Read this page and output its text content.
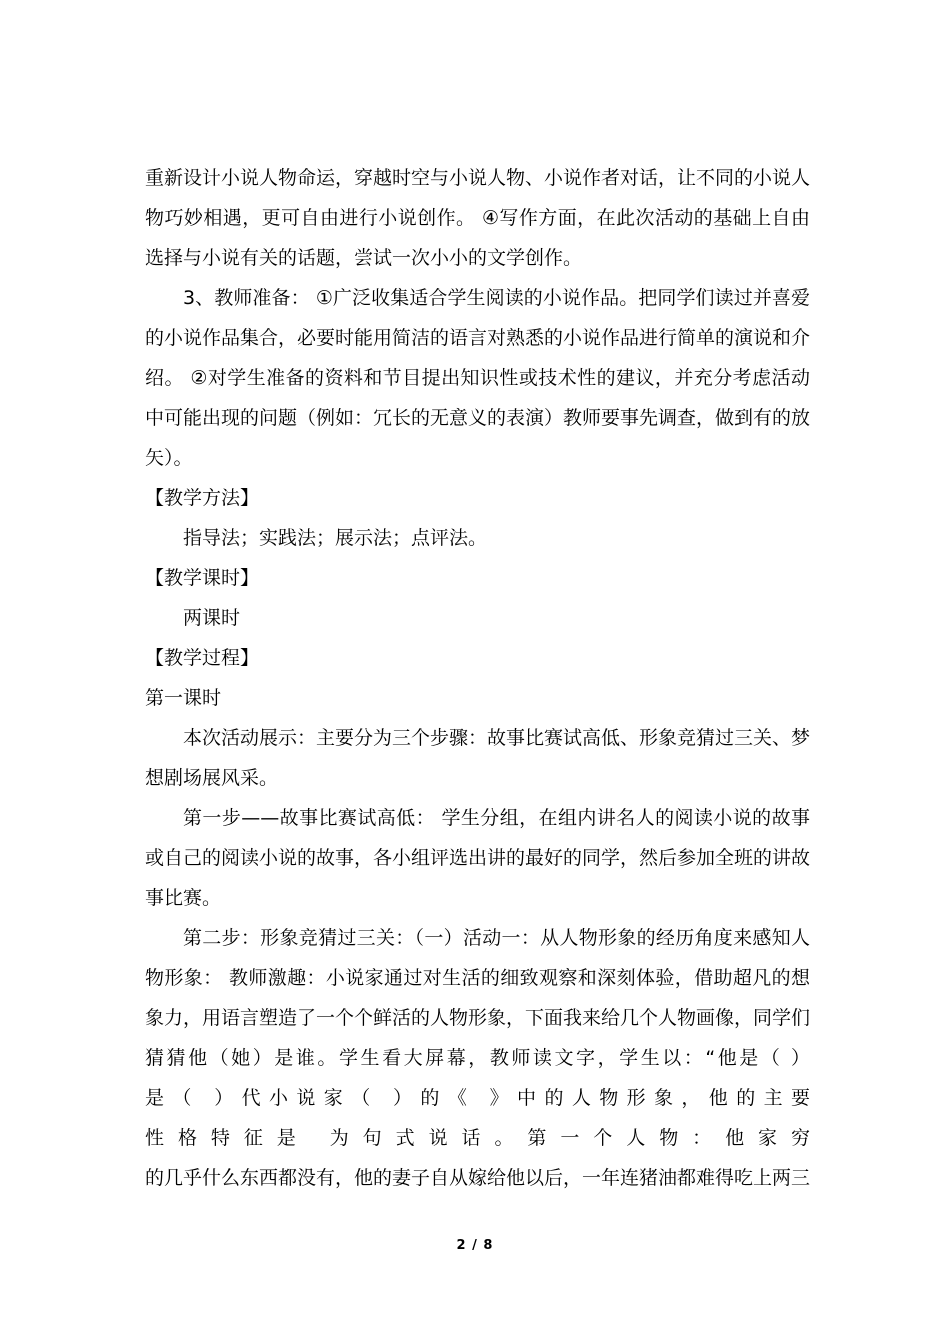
重新设计小说人物命运，穿越时空与小说人物、小说作者对话，让不同的小说人
物巧妙相遇，更可自由进行小说创作。 ④写作方面，在此次活动的基础上自由
选择与小说有关的话题，尝试一次小小的文学创作。
3、教师准备： ①广泛收集适合学生阅读的小说作品。把同学们读过并喜爱
的小说作品集合，必要时能用简洁的语言对熟悉的小说作品进行简单的演说和介
绍。 ②对学生准备的资料和节目提出知识性或技术性的建议，并充分考虑活动
中可能出现的问题（例如：冗长的无意义的表演）教师要事先调查，做到有的放
矢）。
【教学方法】
指导法；实践法；展示法；点评法。
【教学课时】
两课时
【教学过程】
第一课时
本次活动展示：主要分为三个步骤：故事比赛试高低、形象竞猜过三关、梦
想剧场展风采。
第一步——故事比赛试高低： 学生分组，在组内讲名人的阅读小说的故事
或自己的阅读小说的故事，各小组评选出讲的最好的同学，然后参加全班的讲故
事比赛。
第二步：形象竞猜过三关：（一）活动一：从人物形象的经历角度来感知人
物形象： 教师激趣：小说家通过对生活的细致观察和深刻体验，借助超凡的想
象力，用语言塑造了一个个鲜活的人物形象，下面我来给几个人物画像，同学们
猜猜他（她）是谁。学生看大屏幕，教师读文字，学生以：“他是（ ）
是（ ）代小说家（ ）的《 》中的人物形象，他的主要
性格特征是 为句式说话。第一个人物：他家穷
的几乎什么东西都没有，他的妻子自从嫁给他以后，一年连猪油都难得吃上两三
2 / 8
